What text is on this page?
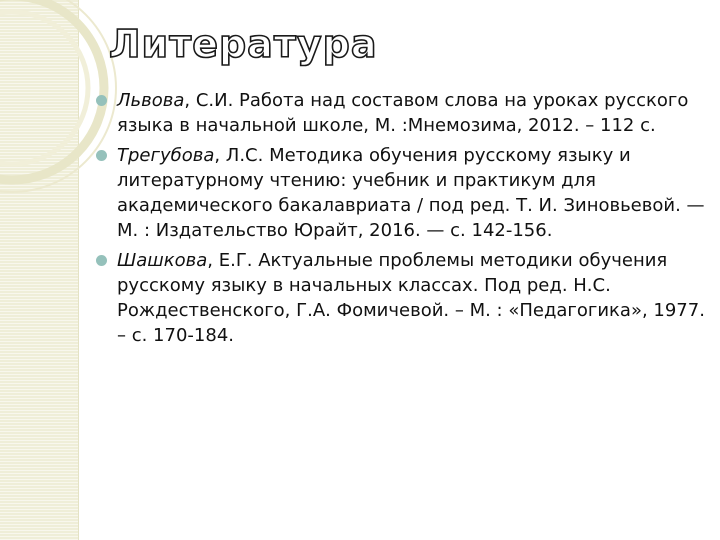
Литература
Львова, С.И. Работа над составом слова на уроках русского языка в начальной школе, М. :Мнемозима, 2012. – 112 с.
Трегубова, Л.С. Методика обучения русскому языку и литературному чтению: учебник и практикум для академического бакалавриата / под ред. Т. И. Зиновьевой. — М. : Издательство Юрайт, 2016. — с. 142-156.
Шашкова, Е.Г. Актуальные проблемы методики обучения русскому языку в начальных классах. Под ред. Н.С. Рождественского, Г.А. Фомичевой. – М. : «Педагогика», 1977. – с. 170-184.
